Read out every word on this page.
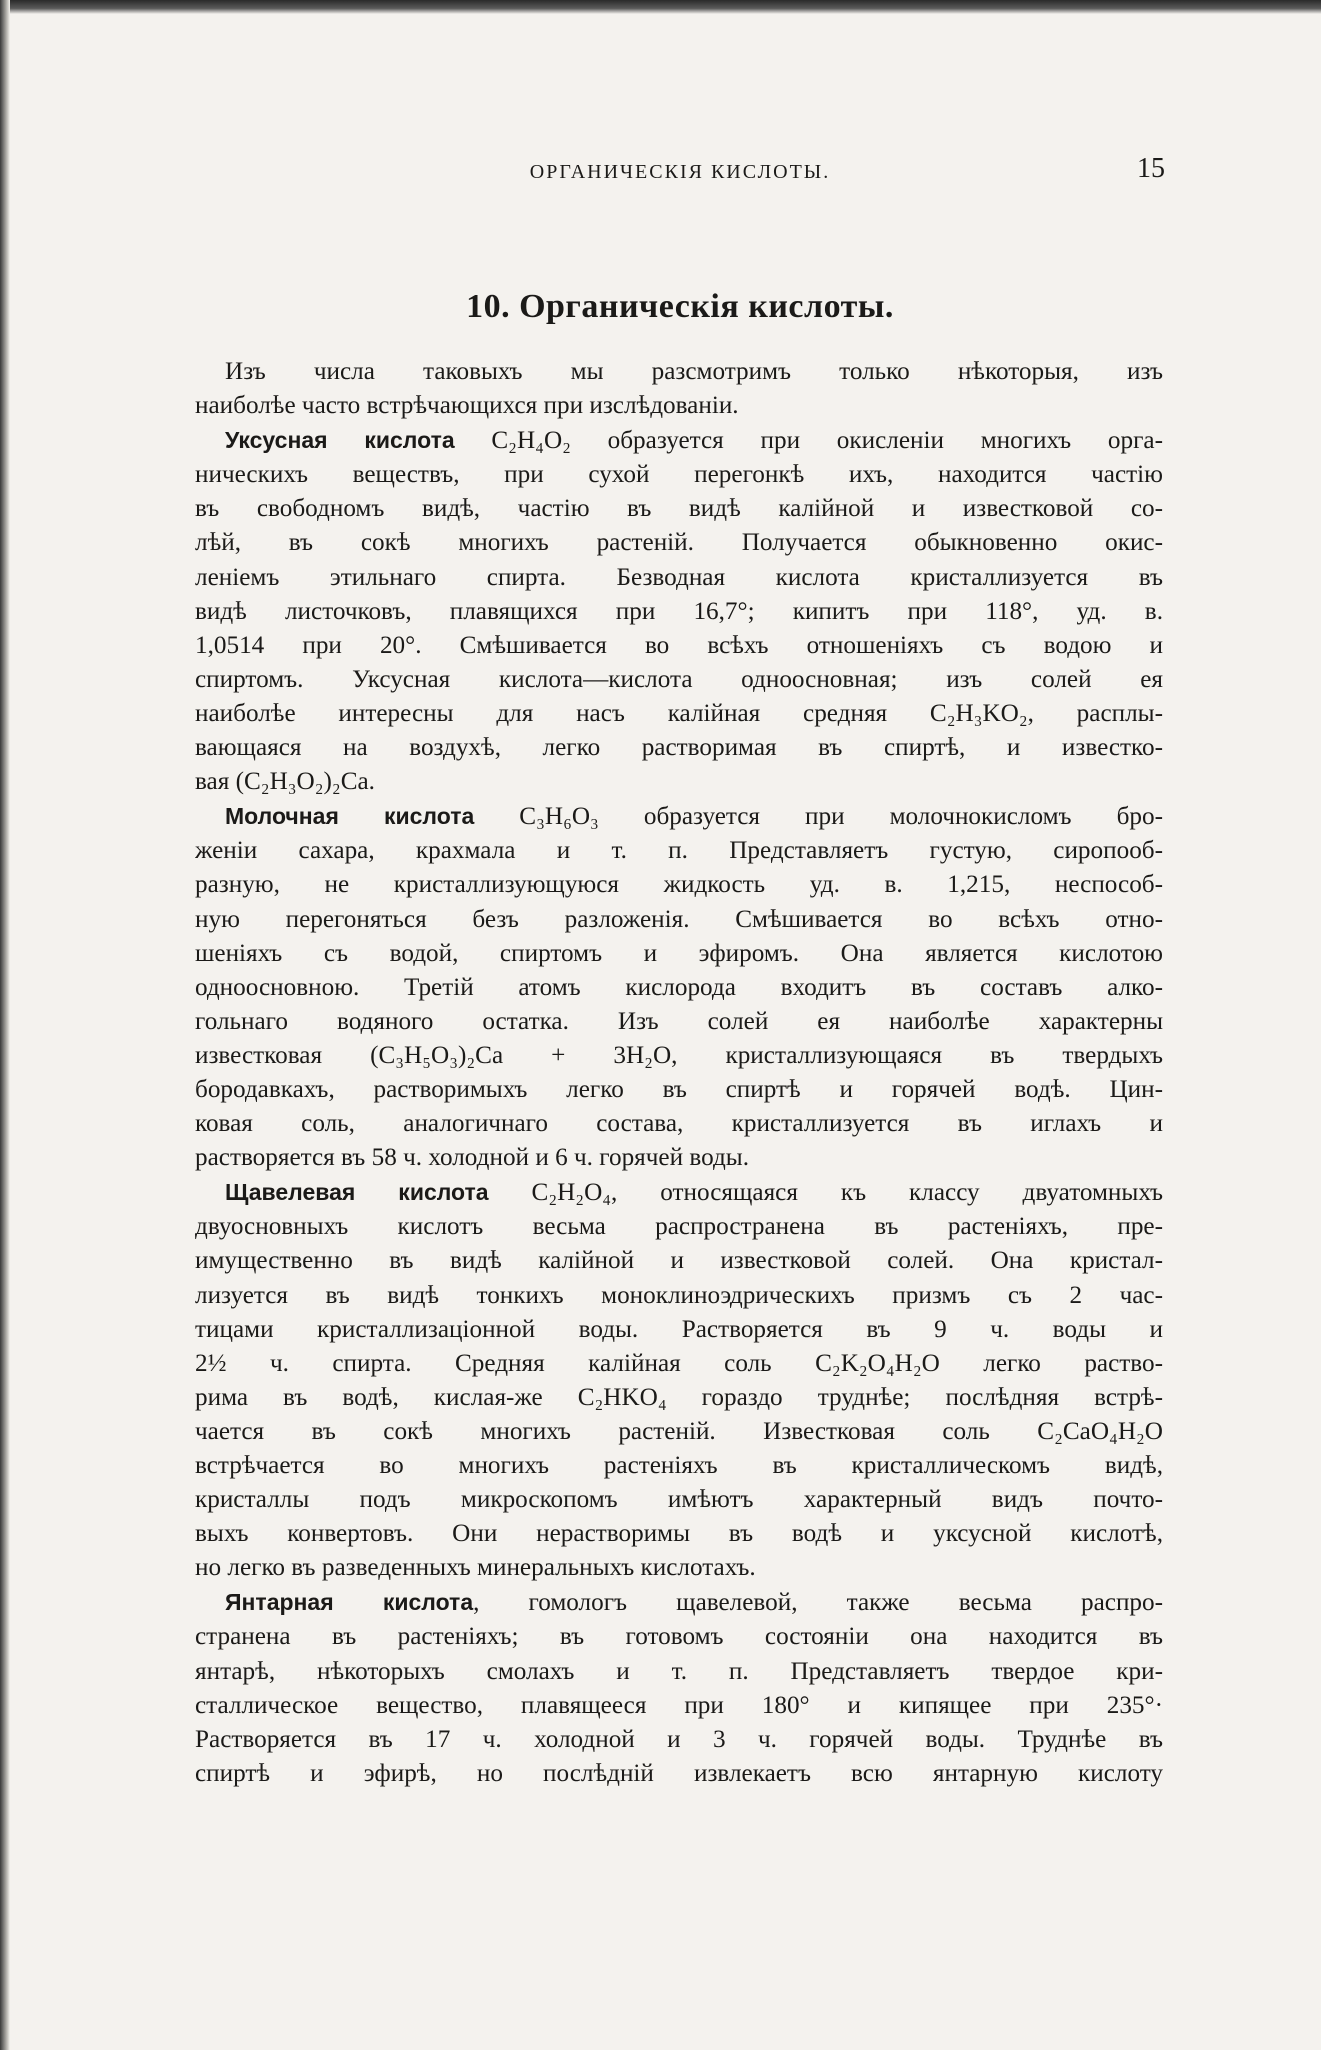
ОРГАНИЧЕСКІЯ КИСЛОТЫ.	15
10. Органическія кислоты.
Изъ числа таковыхъ мы разсмотримъ только нѣкоторыя, изъ
наиболѣе часто встрѣчающихся при изслѣдованіи.
Уксусная кислота C₂H₄O₂ образуется при окисленіи многихъ орга-
ническихъ веществъ, при сухой перегонкѣ ихъ, находится частію
въ свободномъ видѣ, частію въ видѣ калійной и известковой со-
лѣй, въ сокѣ многихъ растеній. Получается обыкновенно окис-
леніемъ этильнаго спирта. Безводная кислота кристаллизуется въ
видѣ листочковъ, плавящихся при 16,7°; кипитъ при 118°, уд. в.
1,0514 при 20°. Смѣшивается во всѣхъ отношеніяхъ съ водою и
спиртомъ. Уксусная кислота—кислота одноосновная; изъ солей ея
наиболѣе интересны для насъ калійная средняя C₂H₃KO₂, расплы-
вающаяся на воздухѣ, легко растворимая въ спиртѣ, и известко-
вая (C₂H₃O₂)₂Ca.
Молочная кислота C₃H₆O₃ образуется при молочнокисломъ бро-
женіи сахара, крахмала и т. п. Представляетъ густую, сиропооб-
разную, не кристаллизующуюся жидкость уд. в. 1,215, неспособ-
ную перегоняться безъ разложенія. Смѣшивается во всѣхъ отно-
шеніяхъ съ водой, спиртомъ и эфиромъ. Она является кислотою
одноосновною. Третій атомъ кислорода входитъ въ составъ алко-
гольнаго водяного остатка. Изъ солей ея наиболѣе характерны
известковая (C₃H₅O₃)₂Ca + 3H₂O, кристаллизующаяся въ твердыхъ
бородавкахъ, растворимыхъ легко въ спиртѣ и горячей водѣ. Цин-
ковая соль, аналогичнаго состава, кристаллизуется въ иглахъ и
растворяется въ 58 ч. холодной и 6 ч. горячей воды.
Щавелевая кислота C₂H₂O₄, относящаяся къ классу двуатомныхъ
двуосновныхъ кислотъ весьма распространена въ растеніяхъ, пре-
имущественно въ видѣ калійной и известковой солей. Она кристал-
лизуется въ видѣ тонкихъ моноклиноэдрическихъ призмъ съ 2 час-
тицами кристаллизаціонной воды. Растворяется въ 9 ч. воды и
2½ ч. спирта. Средняя калійная соль C₂K₂O₄H₂O легко раство-
рима въ водѣ, кислая-же C₂HKO₄ гораздо труднѣе; послѣдняя встрѣ-
чается въ сокѣ многихъ растеній. Известковая соль C₂CaO₄H₂O
встрѣчается во многихъ растеніяхъ въ кристаллическомъ видѣ,
кристаллы подъ микроскопомъ имѣютъ характерный видъ почто-
выхъ конвертовъ. Они нерастворимы въ водѣ и уксусной кислотѣ,
но легко въ разведенныхъ минеральныхъ кислотахъ.
Янтарная кислота, гомологъ щавелевой, также весьма распро-
странена въ растеніяхъ; въ готовомъ состояніи она находится въ
янтарѣ, нѣкоторыхъ смолахъ и т. п. Представляетъ твердое кри-
сталлическое вещество, плавящееся при 180° и кипящее при 235°·
Растворяется въ 17 ч. холодной и 3 ч. горячей воды. Труднѣе въ
спиртѣ и эфирѣ, но послѣдній извлекаетъ всю янтарную кислоту
